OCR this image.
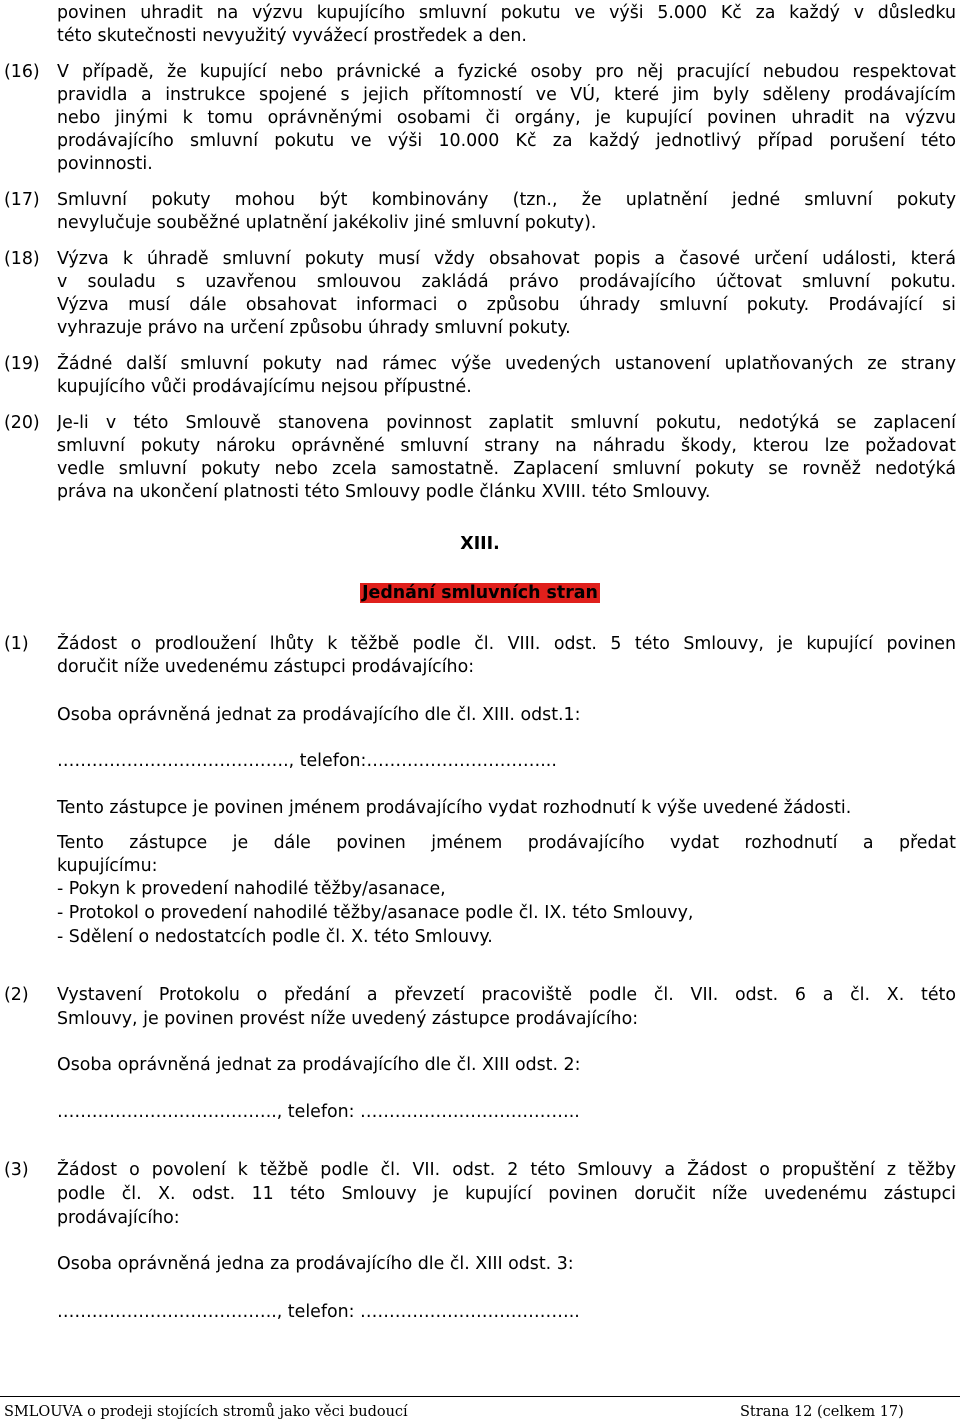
povinen uhradit na výzvu kupujícího smluvní pokutu ve výši 5.000 Kč za každý v důsledku
této skutečnosti nevyužitý vyvážecí prostředek a den.
(16) V případě, že kupující nebo právnické a fyzické osoby pro něj pracující nebudou respektovat
pravidla a instrukce spojené s jejich přítomností ve VÚ, které jim byly sděleny prodávajícím
nebo jinými k tomu oprávněnými osobami či orgány, je kupující povinen uhradit na výzvu
prodávajícího smluvní pokutu ve výši 10.000 Kč za každý jednotlivý případ porušení této
povinnosti.
(17) Smluvní pokuty mohou být kombinovány (tzn., že uplatnění jedné smluvní pokuty
nevylučuje souběžné uplatnění jakékoliv jiné smluvní pokuty).
(18) Výzva k úhradě smluvní pokuty musí vždy obsahovat popis a časové určení události, která
v souladu s uzavřenou smlouvou zakládá právo prodávajícího účtovat smluvní pokutu.
Výzva musí dále obsahovat informaci o způsobu úhrady smluvní pokuty. Prodávající si
vyhrazuje právo na určení způsobu úhrady smluvní pokuty.
(19) Žádné další smluvní pokuty nad rámec výše uvedených ustanovení uplatňovaných ze strany
kupujícího vůči prodávajícímu nejsou přípustné.
(20) Je-li v této Smlouvě stanovena povinnost zaplatit smluvní pokutu, nedotýká se zaplacení
smluvní pokuty nároku oprávněné smluvní strany na náhradu škody, kterou lze požadovat
vedle smluvní pokuty nebo zcela samostatně. Zaplacení smluvní pokuty se rovněž nedotýká
práva na ukončení platnosti této Smlouvy podle článku XVIII. této Smlouvy.
XIII.
Jednání smluvních stran
(1) Žádost o prodloužení lhůty k těžbě podle čl. VIII. odst. 5 této Smlouvy, je kupující povinen
doručit níže uvedenému zástupci prodávajícího:
Osoba oprávněná jednat za prodávajícího dle čl. XIII. odst.1:
…………………………………., telefon:…………………………...
Tento zástupce je povinen jménem prodávajícího vydat rozhodnutí k výše uvedené žádosti.
Tento zástupce je dále povinen jménem prodávajícího vydat rozhodnutí a předat
kupujícímu:
- Pokyn k provedení nahodilé těžby/asanace,
- Protokol o provedení nahodilé těžby/asanace podle čl. IX. této Smlouvy,
- Sdělení o nedostatcích podle čl. X. této Smlouvy.
(2) Vystavení Protokolu o předání a převzetí pracoviště podle čl. VII. odst. 6 a čl. X. této
Smlouvy, je povinen provést níže uvedený zástupce prodávajícího:
Osoba oprávněná jednat za prodávajícího dle čl. XIII odst. 2:
……………………………….., telefon: ………………………………..
(3) Žádost o povolení k těžbě podle čl. VII. odst. 2 této Smlouvy a Žádost o propuštění z těžby
podle čl. X. odst. 11 této Smlouvy je kupující povinen doručit níže uvedenému zástupci
prodávajícího:
Osoba oprávněná jedna za prodávajícího dle čl. XIII odst. 3:
……………………………….., telefon: ………………………………..
SMLOUVA o prodeji stojících stromů jako věci budoucí	Strana 12 (celkem 17)
